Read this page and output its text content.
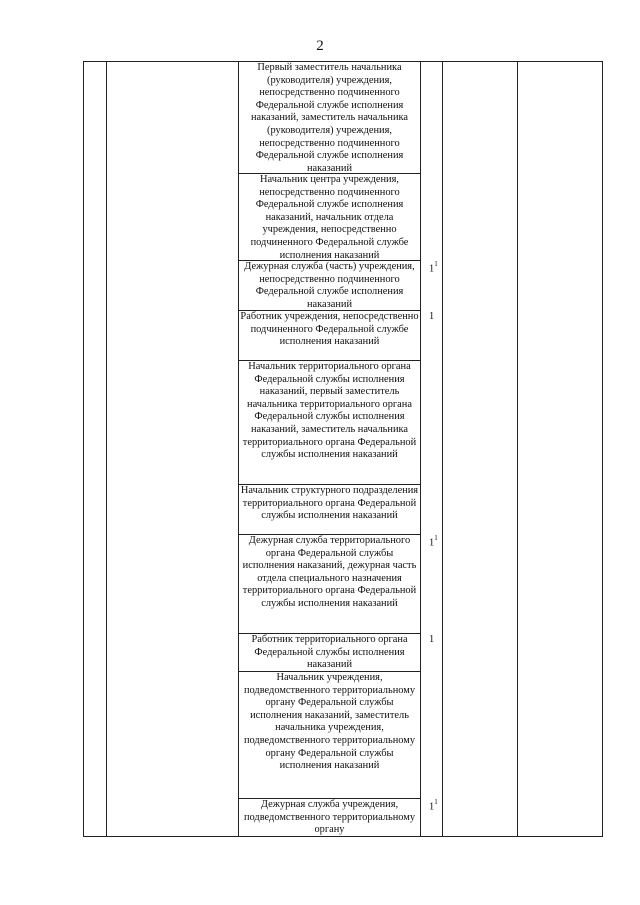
2
Первый заместитель начальника (руководителя) учреждения, непосредственно подчиненного Федеральной службе исполнения наказаний, заместитель начальника (руководителя) учреждения, непосредственно подчиненного Федеральной службе исполнения наказаний
Начальник центра учреждения, непосредственно подчиненного Федеральной службе исполнения наказаний, начальник отдела учреждения, непосредственно подчиненного Федеральной службе исполнения наказаний
Дежурная служба (часть) учреждения, непосредственно подчиненного Федеральной службе исполнения наказаний
Работник учреждения, непосредственно подчиненного Федеральной службе исполнения наказаний
Начальник территориального органа Федеральной службы исполнения наказаний, первый заместитель начальника территориального органа Федеральной службы исполнения наказаний, заместитель начальника территориального органа Федеральной службы исполнения наказаний
Начальник структурного подразделения территориального органа Федеральной службы исполнения наказаний
Дежурная служба территориального органа Федеральной службы исполнения наказаний, дежурная часть отдела специального назначения территориального органа Федеральной службы исполнения наказаний
Работник территориального органа Федеральной службы исполнения наказаний
Начальник учреждения, подведомственного территориальному органу Федеральной службы исполнения наказаний, заместитель начальника учреждения, подведомственного территориальному органу Федеральной службы исполнения наказаний
Дежурная служба учреждения, подведомственного территориальному органу
$1^1$
1
$1^1$
1
$1^1$
